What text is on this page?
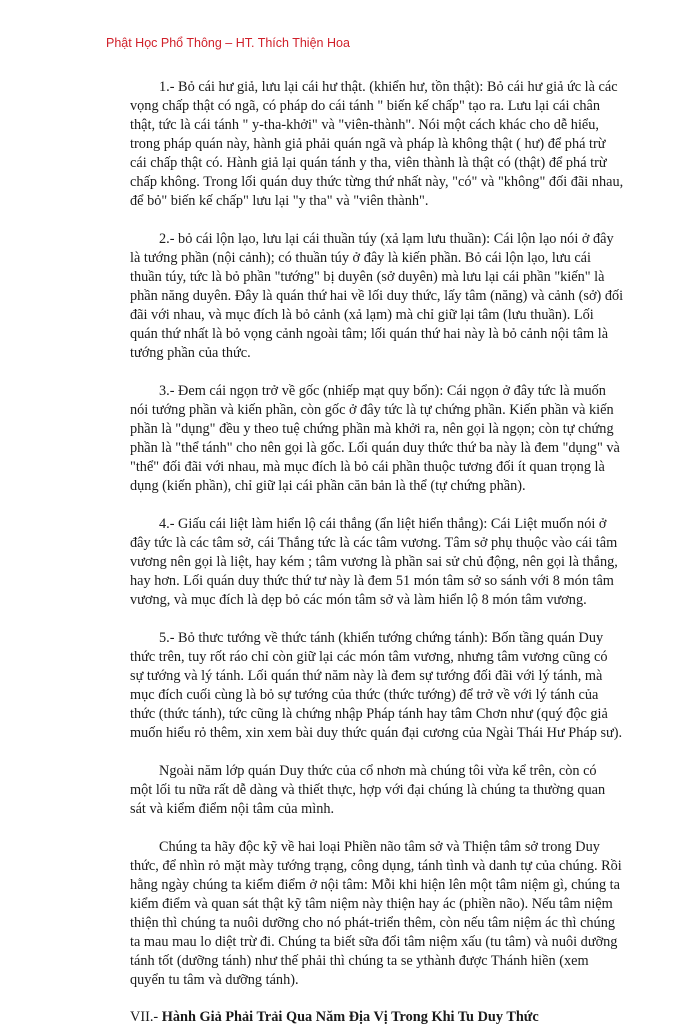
Phật Học Phổ Thông – HT. Thích Thiện Hoa
1.- Bỏ cái hư giả, lưu lại cái hư thật. (khiển hư, tồn thật): Bỏ cái hư giả ức là các
vọng chấp thật có ngã, có pháp do cái tánh " biến kế chấp" tạo ra. Lưu lại cái chân
thật, tức là cái tánh " y-tha-khởi" và "viên-thành". Nói một cách khác cho dễ hiểu,
trong pháp quán này, hành giả phải quán ngã và pháp là không thật ( hư) để phá trừ
cái chấp thật có. Hành giả lại quán tánh y tha, viên thành là thật có (thật) để phá trừ
chấp không. Trong lối quán duy thức từng thứ nhất này, "có" và "không" đối đãi nhau,
để bỏ" biến kế chấp" lưu lại "y tha" và "viên thành".
2.- bỏ cái lộn lạo, lưu lại cái thuần túy (xả lạm lưu thuần): Cái lộn lạo nói ở đây
là tướng phần (nội cảnh); có thuần túy ở đây là kiến phần. Bỏ cái lộn lạo, lưu cái
thuần túy, tức là bỏ phần "tướng" bị duyên (sở duyên) mà lưu lại cái phần "kiến" là
phần năng duyên. Đây là quán thứ hai về lối duy thức, lấy tâm (năng) và cảnh (sở) đối
đãi với nhau, và mục đích là bỏ cảnh (xả lạm) mà chỉ giữ lại tâm (lưu thuần). Lối
quán thứ nhất là bỏ vọng cảnh ngoài tâm; lối quán thứ hai này là bỏ cảnh nội tâm là
tướng phần của thức.
3.- Đem cái ngọn trở về gốc (nhiếp mạt quy bổn): Cái ngọn ở đây tức là muốn
nói tướng phần và kiến phần, còn gốc ở đây tức là tự chứng phần. Kiến phần và kiến
phần là "dụng" đều y theo tuệ chứng phần mà khởi ra, nên gọi là ngọn; còn tự chứng
phần là "thể tánh" cho nên gọi là gốc. Lối quán duy thức thứ ba này là đem "dụng" và
"thể" đối đãi với nhau, mà mục đích là bỏ cái phần thuộc tương đối ít quan trọng là
dụng (kiến phần), chỉ giữ lại cái phần căn bản là thể (tự chứng phần).
4.- Giấu cái liệt làm hiển lộ cái thắng (ẩn liệt hiển thắng): Cái Liệt muốn nói ở
đây tức là các tâm sở, cái Thắng tức là các tâm vương. Tâm sở phụ thuộc vào cái tâm
vương nên gọi là liệt, hay kém ; tâm vương là phần sai sử chủ động, nên gọi là thắng,
hay hơn. Lối quán duy thức thứ tư này là đem 51 món tâm sở so sánh với 8 món tâm
vương, và mục đích là dẹp bỏ các món tâm sở và làm hiển lộ 8 món tâm vương.
5.- Bỏ thưc tướng về thức tánh (khiển tướng chứng tánh): Bốn tầng quán Duy
thức trên, tuy rốt ráo chỉ còn giữ lại các món tâm vương, nhưng tâm vương cũng có
sự tướng và lý tánh. Lối quán thứ năm này là đem sự tướng đối đãi với lý tánh, mà
mục đích cuối cùng là bỏ sự tướng của thức (thức tướng) để trở về với lý tánh của
thức (thức tánh), tức cũng là chứng nhập Pháp tánh hay tâm Chơn như (quý độc giả
muốn hiểu rỏ thêm, xin xem bài duy thức quán đại cương của Ngài Thái Hư Pháp sư).
Ngoài năm lớp quán Duy thức của cổ nhơn mà chúng tôi vừa kể trên, còn có
một lối tu nữa rất dễ dàng và thiết thực, hợp với đại chúng là chúng ta thường quan
sát và kiểm điểm nội tâm của mình.
Chúng ta hãy độc kỹ về hai loại Phiền não tâm sở và Thiện tâm sở trong Duy
thức, để nhìn rỏ mặt mày tướng trạng, công dụng, tánh tình và danh tự của chúng. Rồi
hằng ngày chúng ta kiểm điểm ở nội tâm: Mỗi khi hiện lên một tâm niệm gì, chúng ta
kiểm điểm và quan sát thật kỹ tâm niệm này thiện hay ác (phiền não). Nếu tâm niệm
thiện thì chúng ta nuôi dưỡng cho nó phát-triển thêm, còn nếu tâm niệm ác thì chúng
ta mau mau lo diệt trừ đi. Chúng ta biết sữa đổi tâm niệm xấu (tu tâm) và nuôi dưỡng
tánh tốt (dưỡng tánh) như thế phải thì chúng ta se ythành được Thánh hiền (xem
quyển tu tâm và dưỡng tánh).
VII.- Hành Giả Phải Trải Qua Năm Địa Vị Trong Khi Tu Duy Thức
